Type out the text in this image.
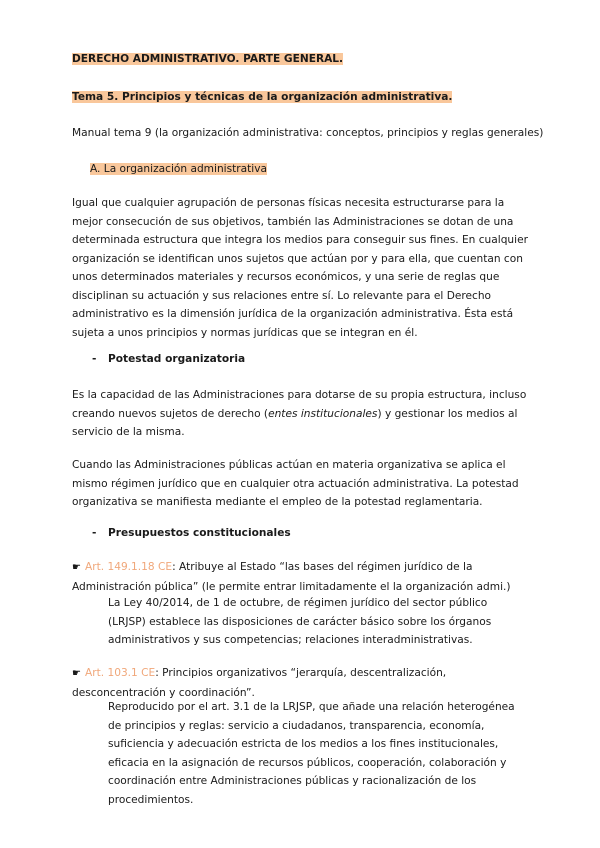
DERECHO ADMINISTRATIVO. PARTE GENERAL.
Tema 5. Principios y técnicas de la organización administrativa.
Manual tema 9 (la organización administrativa: conceptos, principios y reglas generales)
A. La organización administrativa
Igual que cualquier agrupación de personas físicas necesita estructurarse para la mejor consecución de sus objetivos, también las Administraciones se dotan de una determinada estructura que integra los medios para conseguir sus fines. En cualquier organización se identifican unos sujetos que actúan por y para ella, que cuentan con unos determinados materiales y recursos económicos, y una serie de reglas que disciplinan su actuación y sus relaciones entre sí. Lo relevante para el Derecho administrativo es la dimensión jurídica de la organización administrativa. Ésta está sujeta a unos principios y normas jurídicas que se integran en él.
- Potestad organizatoria
Es la capacidad de las Administraciones para dotarse de su propia estructura, incluso creando nuevos sujetos de derecho (entes institucionales) y gestionar los medios al servicio de la misma.
Cuando las Administraciones públicas actúan en materia organizativa se aplica el mismo régimen jurídico que en cualquier otra actuación administrativa. La potestad organizativa se manifiesta mediante el empleo de la potestad reglamentaria.
- Presupuestos constitucionales
☛ Art. 149.1.18 CE: Atribuye al Estado “las bases del régimen jurídico de la Administración pública” (le permite entrar limitadamente el la organización admi.)
La Ley 40/2014, de 1 de octubre, de régimen jurídico del sector público (LRJSP) establece las disposiciones de carácter básico sobre los órganos administrativos y sus competencias; relaciones interadministrativas.
☛ Art. 103.1 CE: Principios organizativos “jerarquía, descentralización, desconcentración y coordinación”.
Reproducido por el art. 3.1 de la LRJSP, que añade una relación heterogénea de principios y reglas: servicio a ciudadanos, transparencia, economía, suficiencia y adecuación estricta de los medios a los fines institucionales, eficacia en la asignación de recursos públicos, cooperación, colaboración y coordinación entre Administraciones públicas y racionalización de los procedimientos.
